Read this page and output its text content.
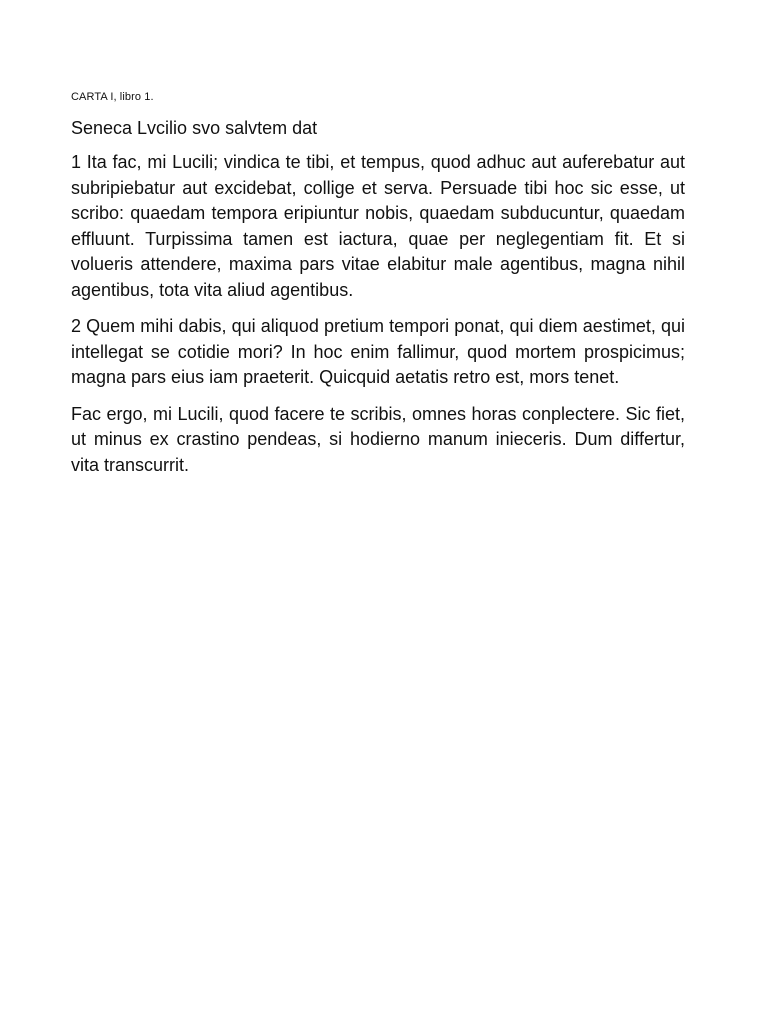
CARTA I, libro 1.
Seneca Lvcilio svo salvtem dat

1 Ita fac, mi Lucili; vindica te tibi, et tempus, quod adhuc aut auferebatur aut subripiebatur aut excidebat, collige et serva. Persuade tibi hoc sic esse, ut scribo: quaedam tempora eripiuntur nobis, quaedam subducuntur, quaedam effluunt. Turpissima tamen est iactura, quae per neglegentiam fit. Et si volueris attendere, maxima pars vitae elabitur male agentibus, magna nihil agentibus, tota vita aliud agentibus.

2 Quem mihi dabis, qui aliquod pretium tempori ponat, qui diem aestimet, qui intellegat se cotidie mori? In hoc enim fallimur, quod mortem prospicimus; magna pars eius iam praeterit. Quicquid aetatis retro est, mors tenet.

Fac ergo, mi Lucili, quod facere te scribis, omnes horas conplectere. Sic fiet, ut minus ex crastino pendeas, si hodierno manum inieceris. Dum differtur, vita transcurrit.
